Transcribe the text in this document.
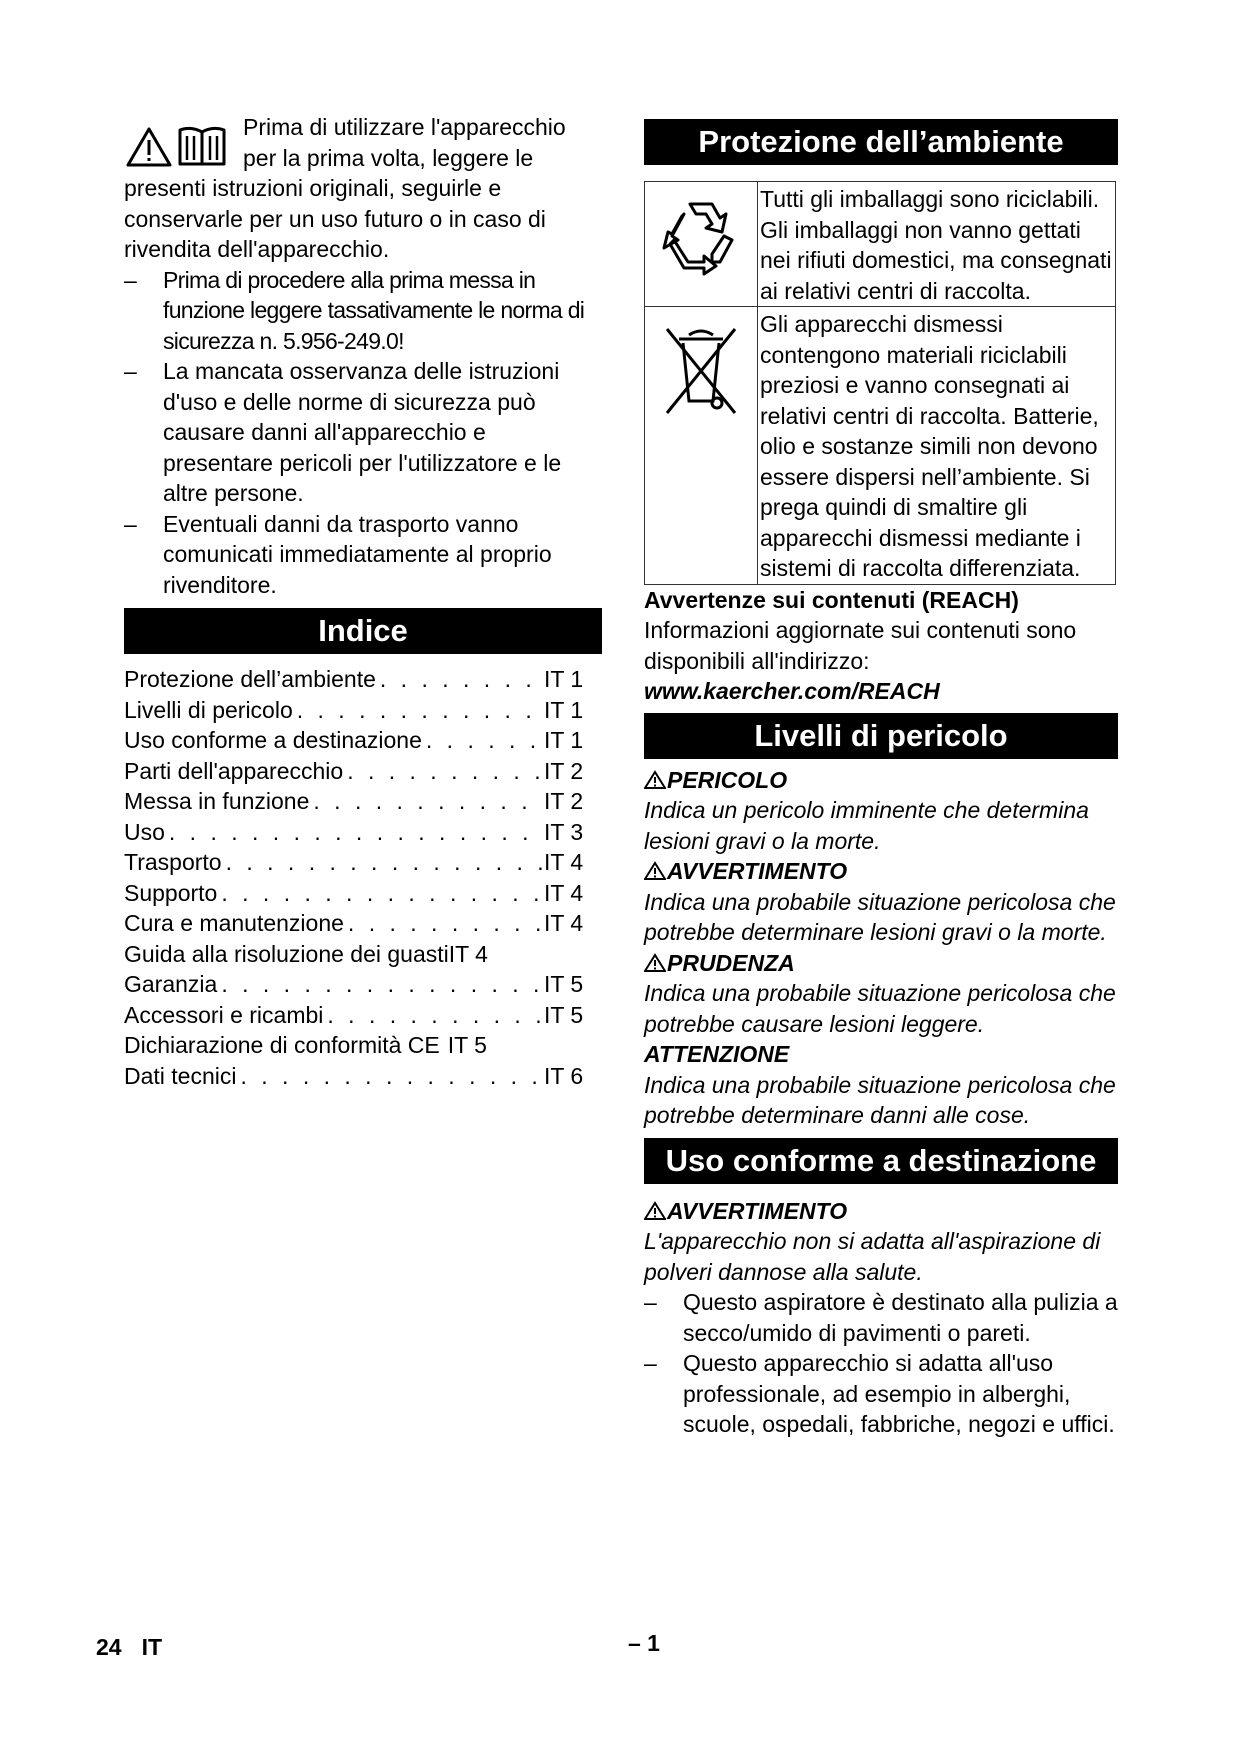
Prima di utilizzare l'apparecchio per la prima volta, leggere le

presenti istruzioni originali, seguirle e conservarle per un uso futuro o in caso di rivendita dell'apparecchio.

– Prima di procedere alla prima messa in funzione leggere tassativamente le norma di sicurezza n. 5.956-249.0!
– La mancata osservanza delle istruzioni d'uso e delle norme di sicurezza può causare danni all'apparecchio e presentare pericoli per l'utilizzatore e le altre persone.
– Eventuali danni da trasporto vanno comunicati immediatamente al proprio rivenditore.
Indice
Protezione dell’ambiente . . .	IT 1
Livelli di pericolo . . .	IT 1
Uso conforme a destinazione . . .	IT 1
Parti dell'apparecchio . . .	IT 2
Messa in funzione . . .	IT 2
Uso . . .	IT 3
Trasporto . . .	IT 4
Supporto . . .	IT 4
Cura e manutenzione . . .	IT 4
Guida alla risoluzione dei guasti IT 4
Garanzia . . .	IT 5
Accessori e ricambi . . .	IT 5
Dichiarazione di conformità CE IT 5
Dati tecnici . . .	IT 6
Protezione dell’ambiente
	Tutti gli imballaggi sono riciclabili. Gli imballaggi non vanno gettati nei rifiuti domestici, ma consegnati ai relativi centri di raccolta.
	Gli apparecchi dismessi contengono materiali riciclabili preziosi e vanno consegnati ai relativi centri di raccolta. Batterie, olio e sostanze simili non devono essere dispersi nell’ambiente. Si prega quindi di smaltire gli apparecchi dismessi mediante i sistemi di raccolta differenziata.
Avvertenze sui contenuti (REACH)
Informazioni aggiornate sui contenuti sono disponibili all'indirizzo:
www.kaercher.com/REACH
Livelli di pericolo
PERICOLO
Indica un pericolo imminente che determina lesioni gravi o la morte.
AVVERTIMENTO
Indica una probabile situazione pericolosa che potrebbe determinare lesioni gravi o la morte.
PRUDENZA
Indica una probabile situazione pericolosa che potrebbe causare lesioni leggere.
ATTENZIONE
Indica una probabile situazione pericolosa che potrebbe determinare danni alle cose.
Uso conforme a destinazione
AVVERTIMENTO
L'apparecchio non si adatta all'aspirazione di polveri dannose alla salute.
– Questo aspiratore è destinato alla pulizia a secco/umido di pavimenti o pareti.
– Questo apparecchio si adatta all'uso professionale, ad esempio in alberghi, scuole, ospedali, fabbriche, negozi e uffici.
24 IT	– 1
